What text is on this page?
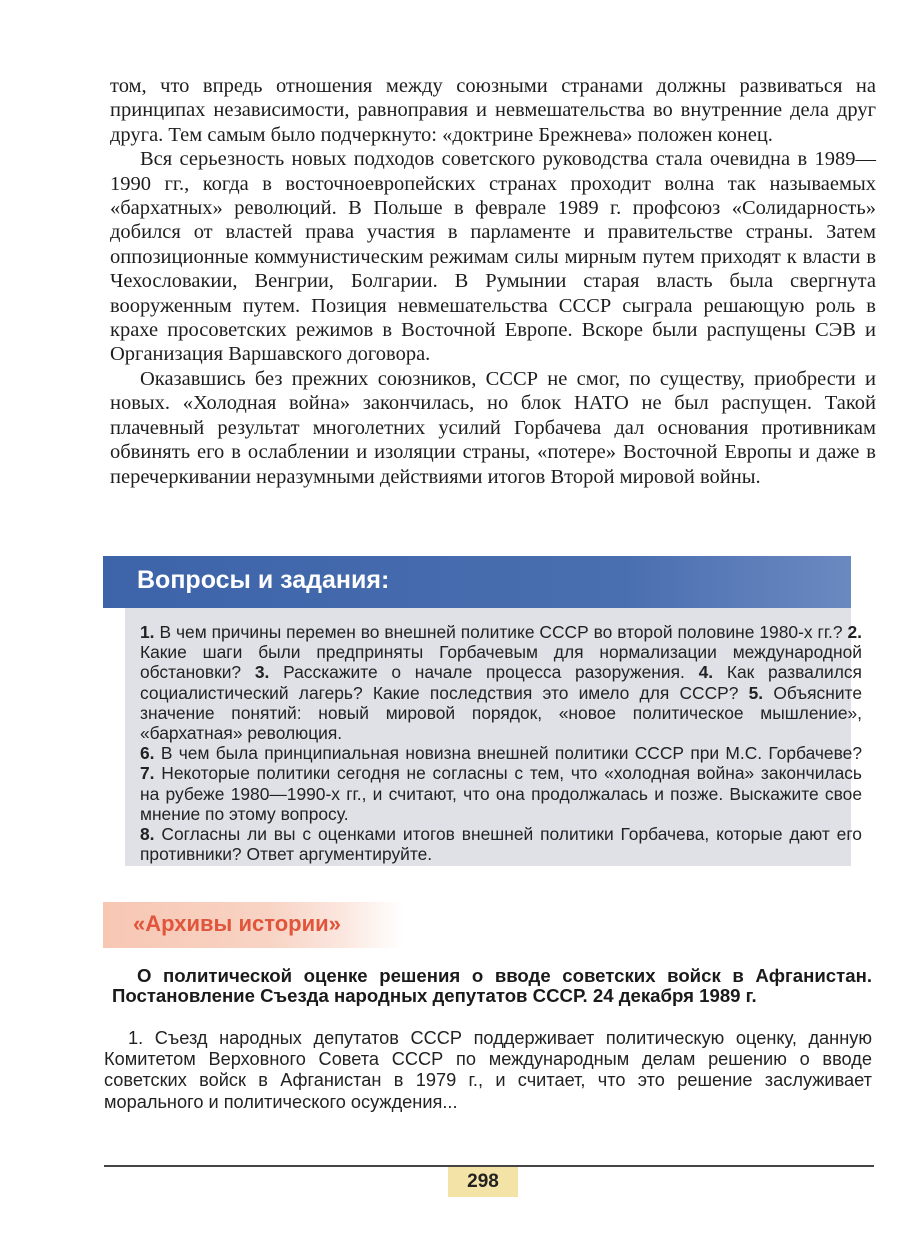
том, что впредь отношения между союзными странами должны развиваться на принципах независимости, равноправия и невмешательства во внутренние дела друг друга. Тем самым было подчеркнуто: «доктрине Брежнева» положен конец.

Вся серьезность новых подходов советского руководства стала очевидна в 1989—1990 гг., когда в восточноевропейских странах проходит волна так называемых «бархатных» революций. В Польше в феврале 1989 г. профсоюз «Солидарность» добился от властей права участия в парламенте и правительстве страны. Затем оппозиционные коммунистическим режимам силы мирным путем приходят к власти в Чехословакии, Венгрии, Болгарии. В Румынии старая власть была свергнута вооруженным путем. Позиция невмешательства СССР сыграла решающую роль в крахе просоветских режимов в Восточной Европе. Вскоре были распущены СЭВ и Организация Варшавского договора.

Оказавшись без прежних союзников, СССР не смог, по существу, приобрести и новых. «Холодная война» закончилась, но блок НАТО не был распущен. Такой плачевный результат многолетних усилий Горбачева дал основания противникам обвинять его в ослаблении и изоляции страны, «потере» Восточной Европы и даже в перечеркивании неразумными действиями итогов Второй мировой войны.

Вопросы и задания:
1. В чем причины перемен во внешней политике СССР во второй половине 1980-х гг.? 2. Какие шаги были предприняты Горбачевым для нормализации международной обстановки? 3. Расскажите о начале процесса разоружения. 4. Как развалился социалистический лагерь? Какие последствия это имело для СССР? 5. Объясните значение понятий: новый мировой порядок, «новое политическое мышление», «бархатная» революция.
6. В чем была принципиальная новизна внешней политики СССР при М.С. Горбачеве? 7. Некоторые политики сегодня не согласны с тем, что «холодная война» закончилась на рубеже 1980—1990-х гг., и считают, что она продолжалась и позже. Выскажите свое мнение по этому вопросу.
8. Согласны ли вы с оценками итогов внешней политики Горбачева, которые дают его противники? Ответ аргументируйте.
«Архивы истории»
О политической оценке решения о вводе советских войск в Афганистан. Постановление Съезда народных депутатов СССР. 24 декабря 1989 г.

1. Съезд народных депутатов СССР поддерживает политическую оценку, данную Комитетом Верховного Совета СССР по международным делам решению о вводе советских войск в Афганистан в 1979 г., и считает, что это решение заслуживает морального и политического осуждения...

298
